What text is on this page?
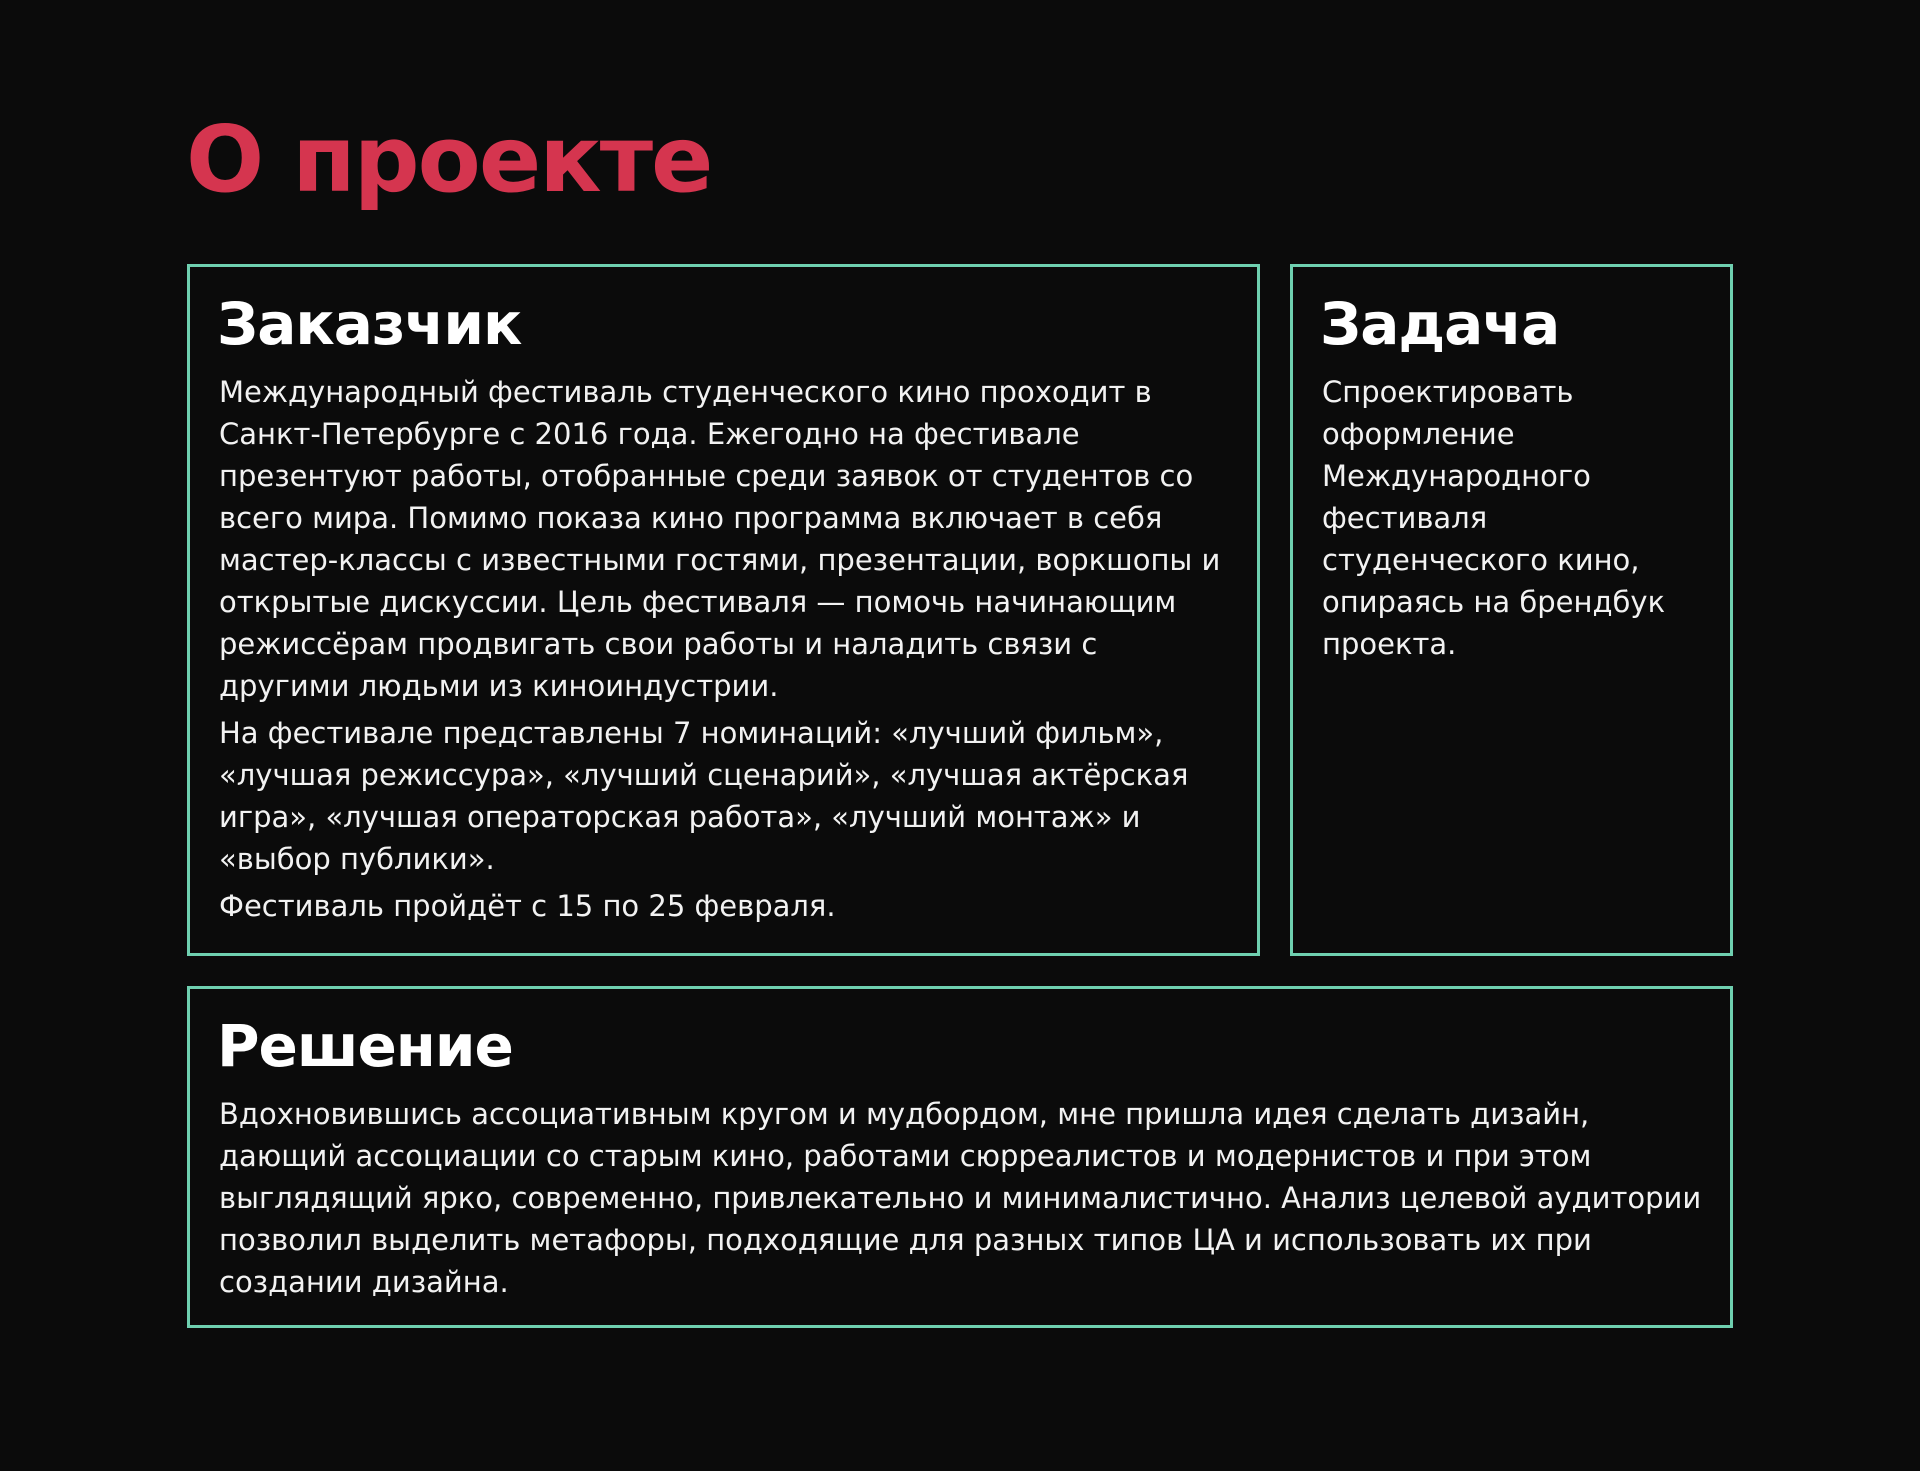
О проекте
Заказчик

Международный фестиваль студенческого кино проходит в Санкт-Петербурге с 2016 года. Ежегодно на фестивале презентуют работы, отобранные среди заявок от студентов со всего мира. Помимо показа кино программа включает в себя мастер-классы с известными гостями, презентации, воркшопы и открытые дискуссии. Цель фестиваля — помочь начинающим режиссёрам продвигать свои работы и наладить связи с другими людьми из киноиндустрии.

На фестивале представлены 7 номинаций: «лучший фильм», «лучшая режиссура», «лучший сценарий», «лучшая актёрская игра», «лучшая операторская работа», «лучший монтаж» и «выбор публики».

Фестиваль пройдёт с 15 по 25 февраля.

Задача

Спроектировать оформление Международного фестиваля студенческого кино, опираясь на брендбук проекта.

Решение

Вдохновившись ассоциативным кругом и мудбордом, мне пришла идея сделать дизайн, дающий ассоциации со старым кино, работами сюрреалистов и модернистов и при этом выглядящий ярко, современно, привлекательно и минималистично. Анализ целевой аудитории позволил выделить метафоры, подходящие для разных типов ЦА и использовать их при создании дизайна.
